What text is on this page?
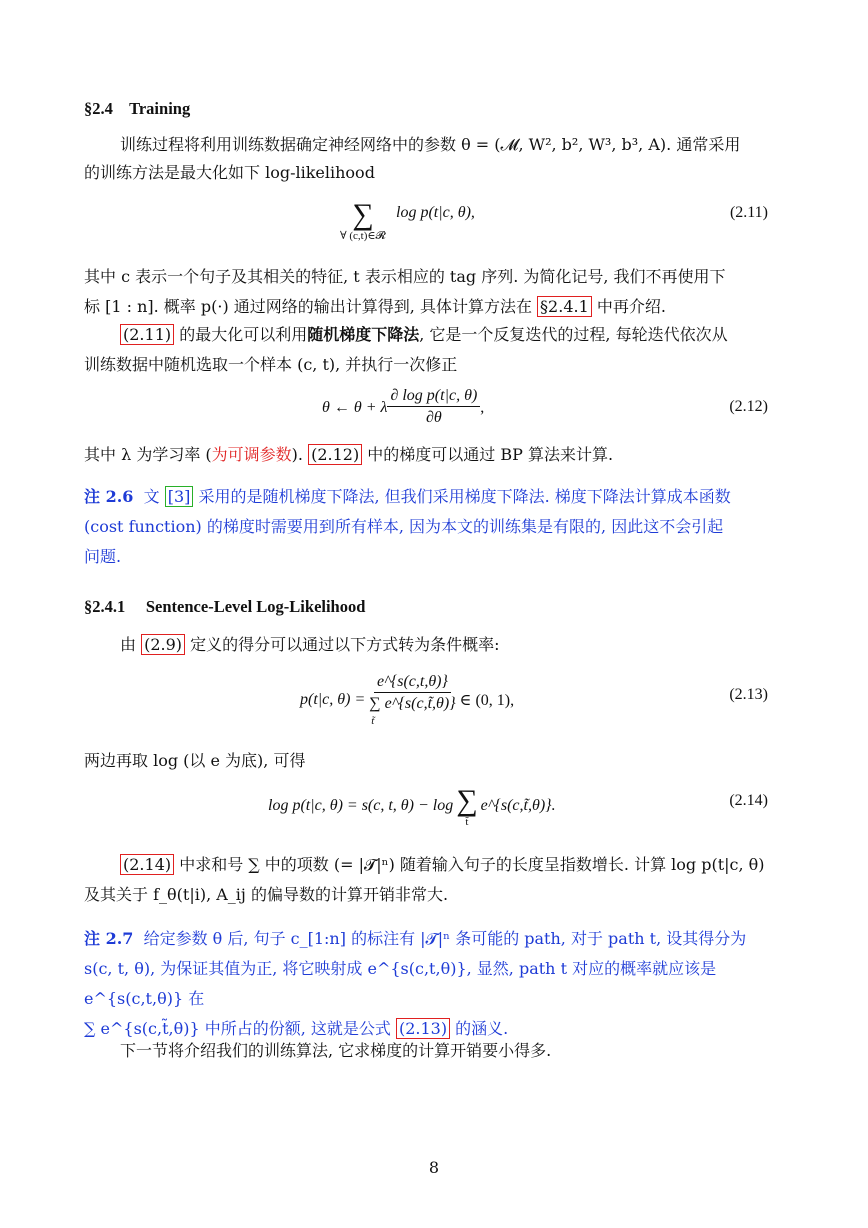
§2.4 Training
训练过程将利用训练数据确定神经网络中的参数 θ = (𝓜, W², b², W³, b³, A). 通常采用
的训练方法是最大化如下 log-likelihood
∑
∀ (c,t)∈𝓡
log p(t|c, θ),	(2.11)
其中 c 表示一个句子及其相关的特征, t 表示相应的 tag 序列. 为简化记号, 我们不再使用下
标 [1 : n]. 概率 p(·) 通过网络的输出计算得到, 具体计算方法在 §2.4.1 中再介绍.
(2.11) 的最大化可以利用随机梯度下降法, 它是一个反复迭代的过程, 每轮迭代依次从
训练数据中随机选取一个样本 (c, t), 并执行一次修正
θ ← θ + λ $\frac{\text{∂ log p(t|c, θ)}}{\partial\theta}$ ,	(2.12)
其中 λ 为学习率 (为可调参数). (2.12) 中的梯度可以通过 BP 算法来计算.
注 2.6 文 [3] 采用的是随机梯度下降法, 但我们采用梯度下降法. 梯度下降法计算成本函数
(cost function) 的梯度时需要用到所有样本, 因为本文的训练集是有限的, 因此这不会引起
问题.
§2.4.1 Sentence-Level Log-Likelihood
由 (2.9) 定义的得分可以通过以下方式转为条件概率:
p(t|c, θ) =
e^{s(c,t,θ)}
∑ e^{s(c,t̃,θ)}
t̃
∈ (0, 1),	(2.13)
两边再取 log (以 e 为底), 可得
log p(t|c, θ) = s(c, t, θ) − log ∑
t̃
e^{s(c,t̃,θ)}.	(2.14)
(2.14) 中求和号 ∑ 中的项数 (= |𝓣|ⁿ) 随着输入句子的长度呈指数增长. 计算 log p(t|c, θ)
及其关于 f_θ(t|i), A_ij 的偏导数的计算开销非常大.
注 2.7 给定参数 θ 后, 句子 c_[1:n] 的标注有 |𝓣|ⁿ 条可能的 path, 对于 path t, 设其得分为
s(c, t, θ), 为保证其值为正, 将它映射成 e^{s(c,t,θ)}, 显然, path t 对应的概率就应该是 e^{s(c,t,θ)} 在
∑ e^{s(c,t̃,θ)} 中所占的份额, 这就是公式 (2.13) 的涵义.
下一节将介绍我们的训练算法, 它求梯度的计算开销要小得多.
8
